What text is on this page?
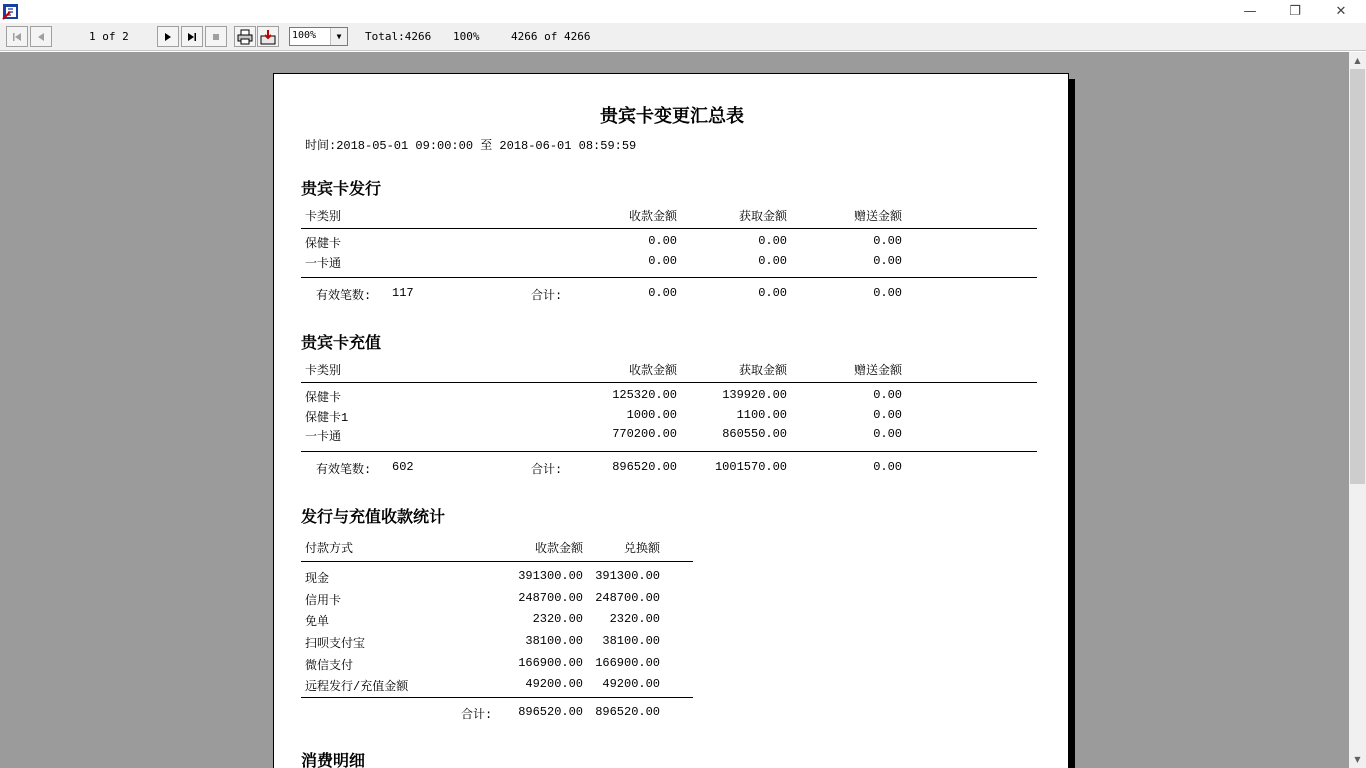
—	❐	✕
1 of 2	100%	▼	Total:4266 100%	4266 of 4266
贵宾卡变更汇总表
时间:2018-05-01 09:00:00 至 2018-06-01 08:59:59
贵宾卡发行
卡类别	收款金额	获取金额	赠送金额
保健卡	0.00	0.00	0.00
一卡通	0.00	0.00	0.00
有效笔数: 117	合计:	0.00	0.00	0.00
贵宾卡充值
卡类别	收款金额	获取金额	赠送金额
保健卡	125320.00	139920.00	0.00
保健卡1	1000.00	1100.00	0.00
一卡通	770200.00	860550.00	0.00
有效笔数: 602	合计:	896520.00	1001570.00	0.00
发行与充值收款统计
付款方式	收款金额	兑换额
现金	391300.00	391300.00
信用卡	248700.00	248700.00
免单	2320.00	2320.00
扫呗支付宝	38100.00	38100.00
微信支付	166900.00	166900.00
远程发行/充值金额	49200.00	49200.00
合计:	896520.00	896520.00
消费明细
▲
▼
